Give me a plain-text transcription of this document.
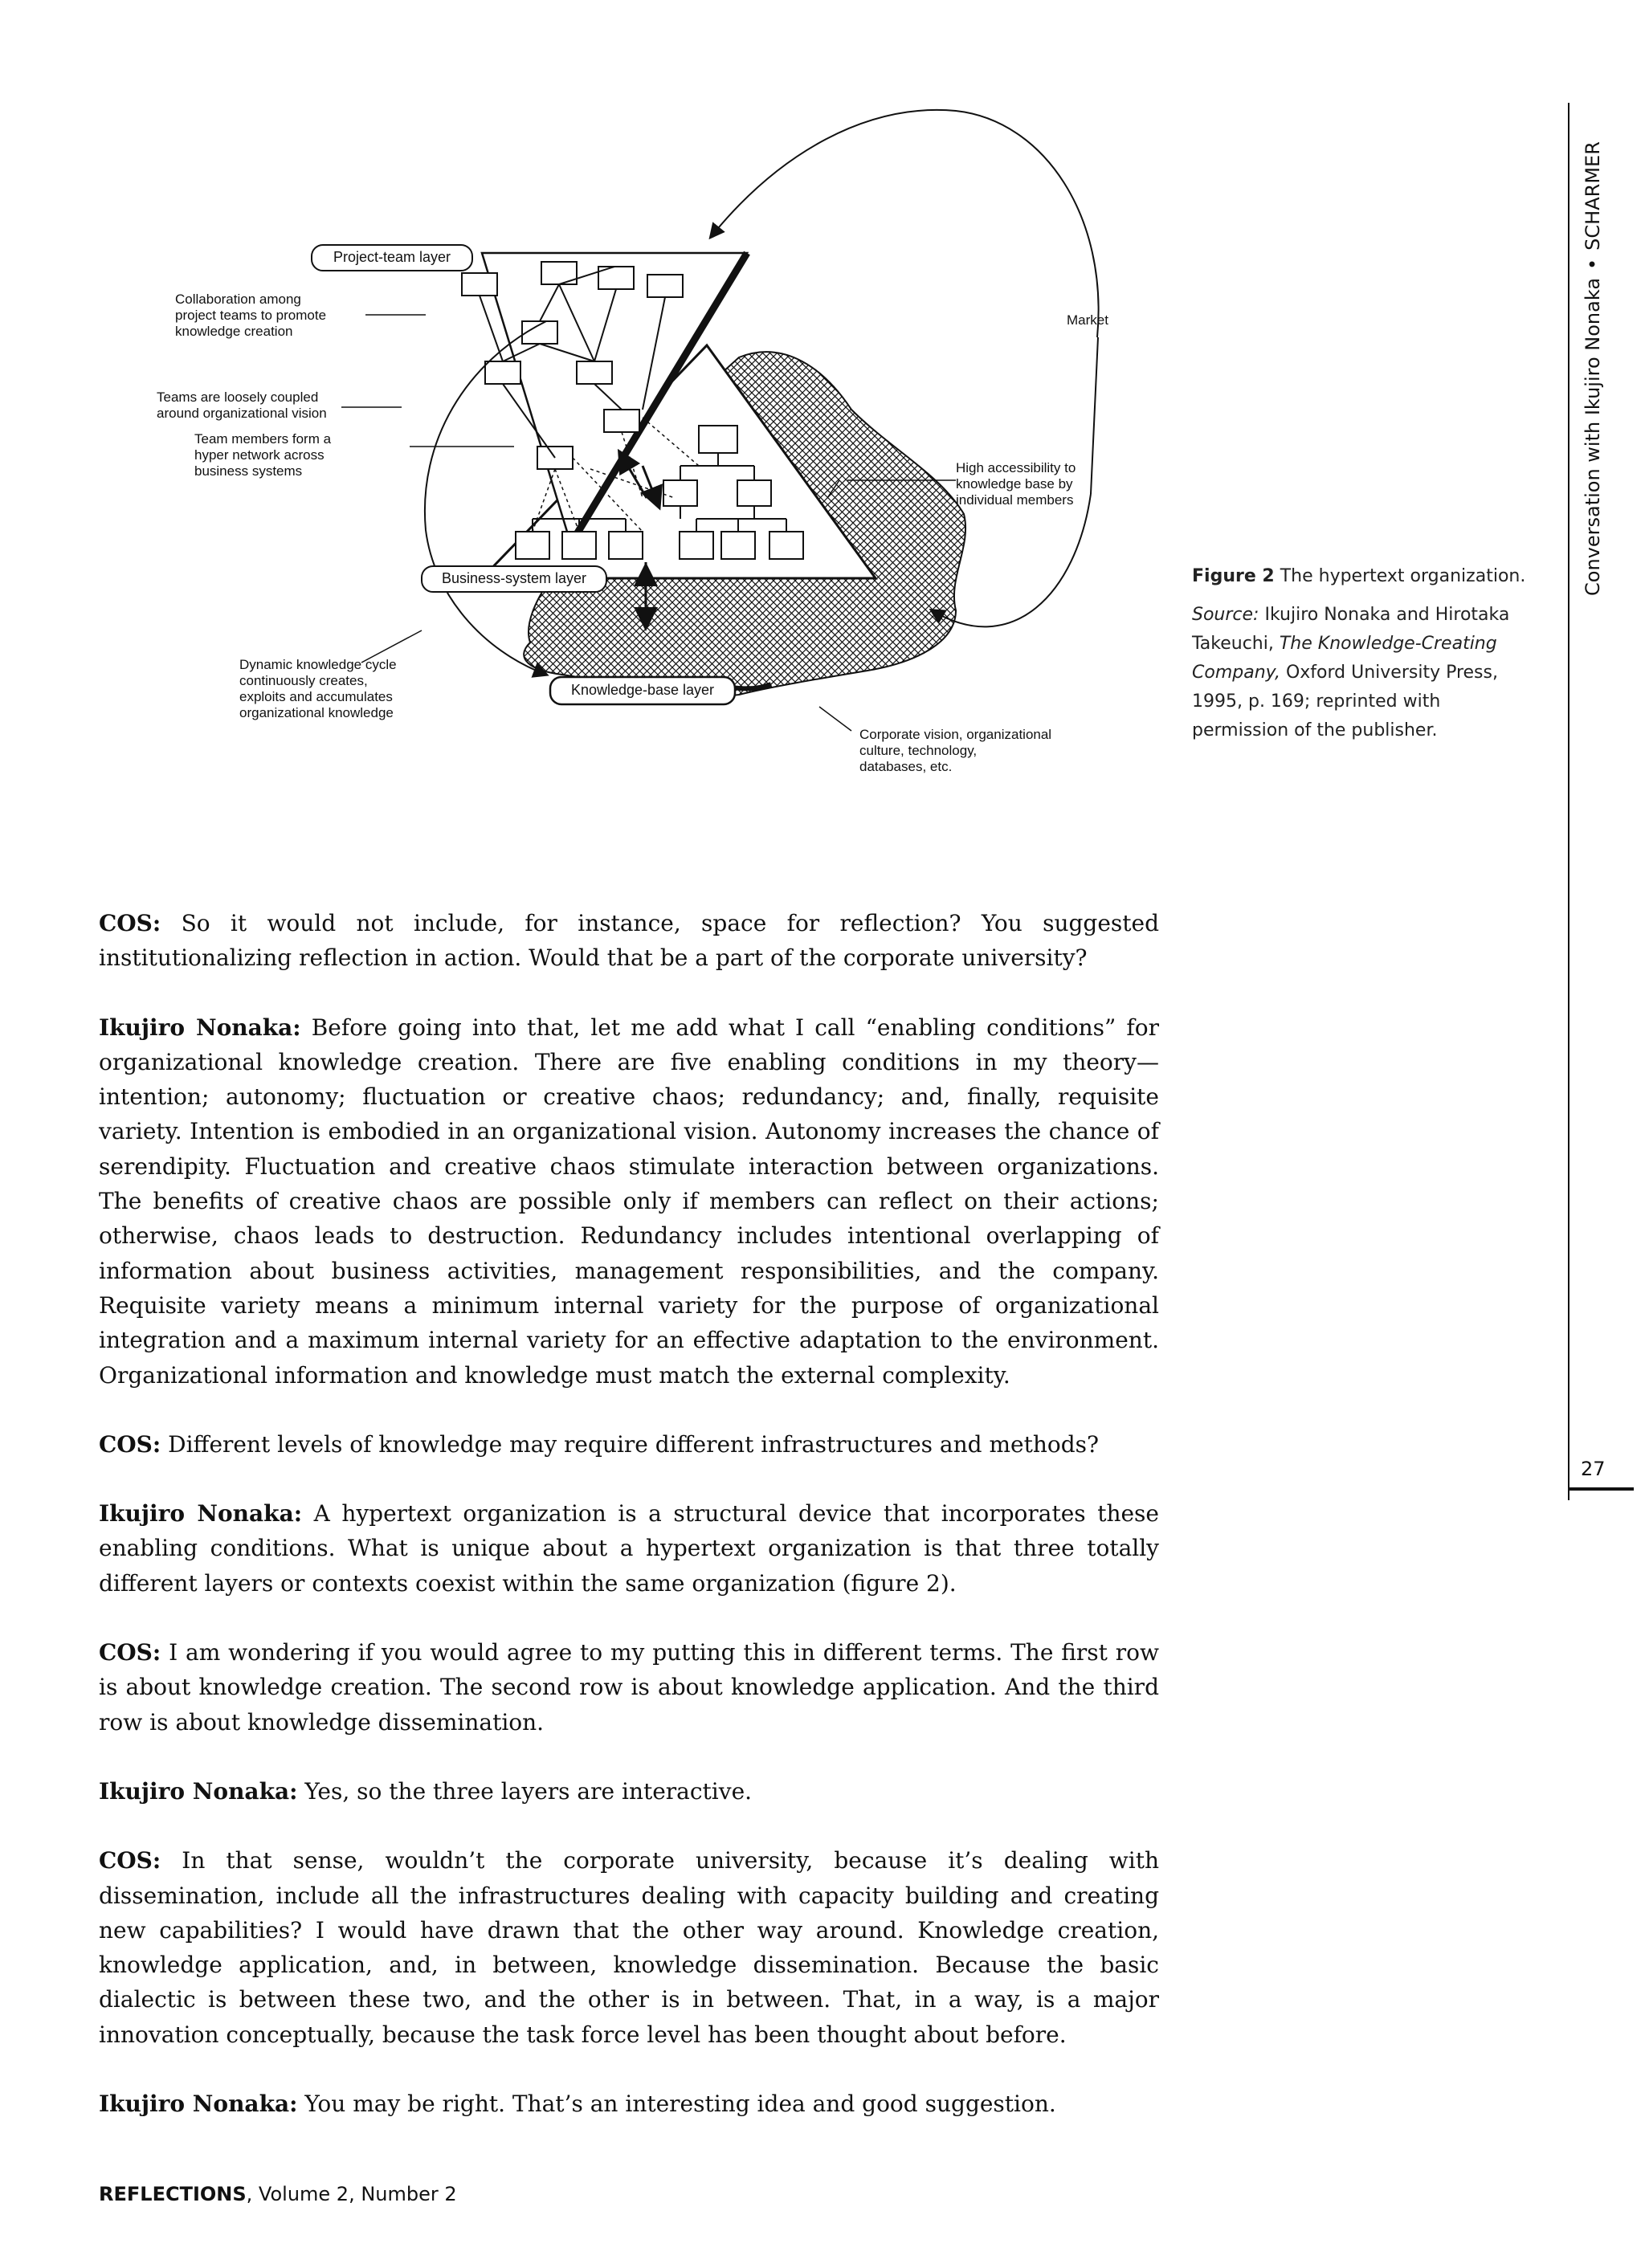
Project-team layer
Business-system layer
Knowledge-base layer
Market
Collaboration among project teams to promote knowledge creation
Teams are loosely coupled around organizational vision
Team members form a hyper network across business systems	High accessibility to knowledge base by individual members
Dynamic knowledge cycle continuously creates, exploits and accumulates organizational knowledge
Corporate vision, organizational culture, technology, databases, etc.
Figure 2 The hypertext organization.
Source: Ikujiro Nonaka and Hirotaka Takeuchi, The Knowledge-Creating Company, Oxford University Press, 1995, p. 169; reprinted with permission of the publisher.
Conversation with Ikujiro Nonaka•SCHARMER
27

COS: So it would not include, for instance, space for reflection? You suggested institutionalizing reflection in action. Would that be a part of the corporate university?

Ikujiro Nonaka: Before going into that, let me add what I call “enabling conditions” for organizational knowledge creation. There are five enabling conditions in my theory—intention; autonomy; fluctuation or creative chaos; redundancy; and, finally, requisite variety. Intention is embodied in an organizational vision. Autonomy increases the chance of serendipity. Fluctuation and creative chaos stimulate interaction between organizations. The benefits of creative chaos are possible only if members can reflect on their actions; otherwise, chaos leads to destruction. Redundancy includes intentional overlapping of information about business activities, management responsibilities, and the company. Requisite variety means a minimum internal variety for the purpose of organizational integration and a maximum internal variety for an effective adaptation to the environment. Organizational information and knowledge must match the external complexity.

COS: Different levels of knowledge may require different infrastructures and methods?

Ikujiro Nonaka: A hypertext organization is a structural device that incorporates these enabling conditions. What is unique about a hypertext organization is that three totally different layers or contexts coexist within the same organization (figure 2).

COS: I am wondering if you would agree to my putting this in different terms. The first row is about knowledge creation. The second row is about knowledge application. And the third row is about knowledge dissemination.

Ikujiro Nonaka: Yes, so the three layers are interactive.

COS: In that sense, wouldn’t the corporate university, because it’s dealing with dissemination, include all the infrastructures dealing with capacity building and creating new capabilities? I would have drawn that the other way around. Knowledge creation, knowledge application, and, in between, knowledge dissemination. Because the basic dialectic is between these two, and the other is in between. That, in a way, is a major innovation conceptually, because the task force level has been thought about before.

Ikujiro Nonaka: You may be right. That’s an interesting idea and good suggestion.

REFLECTIONS, Volume 2, Number 2
